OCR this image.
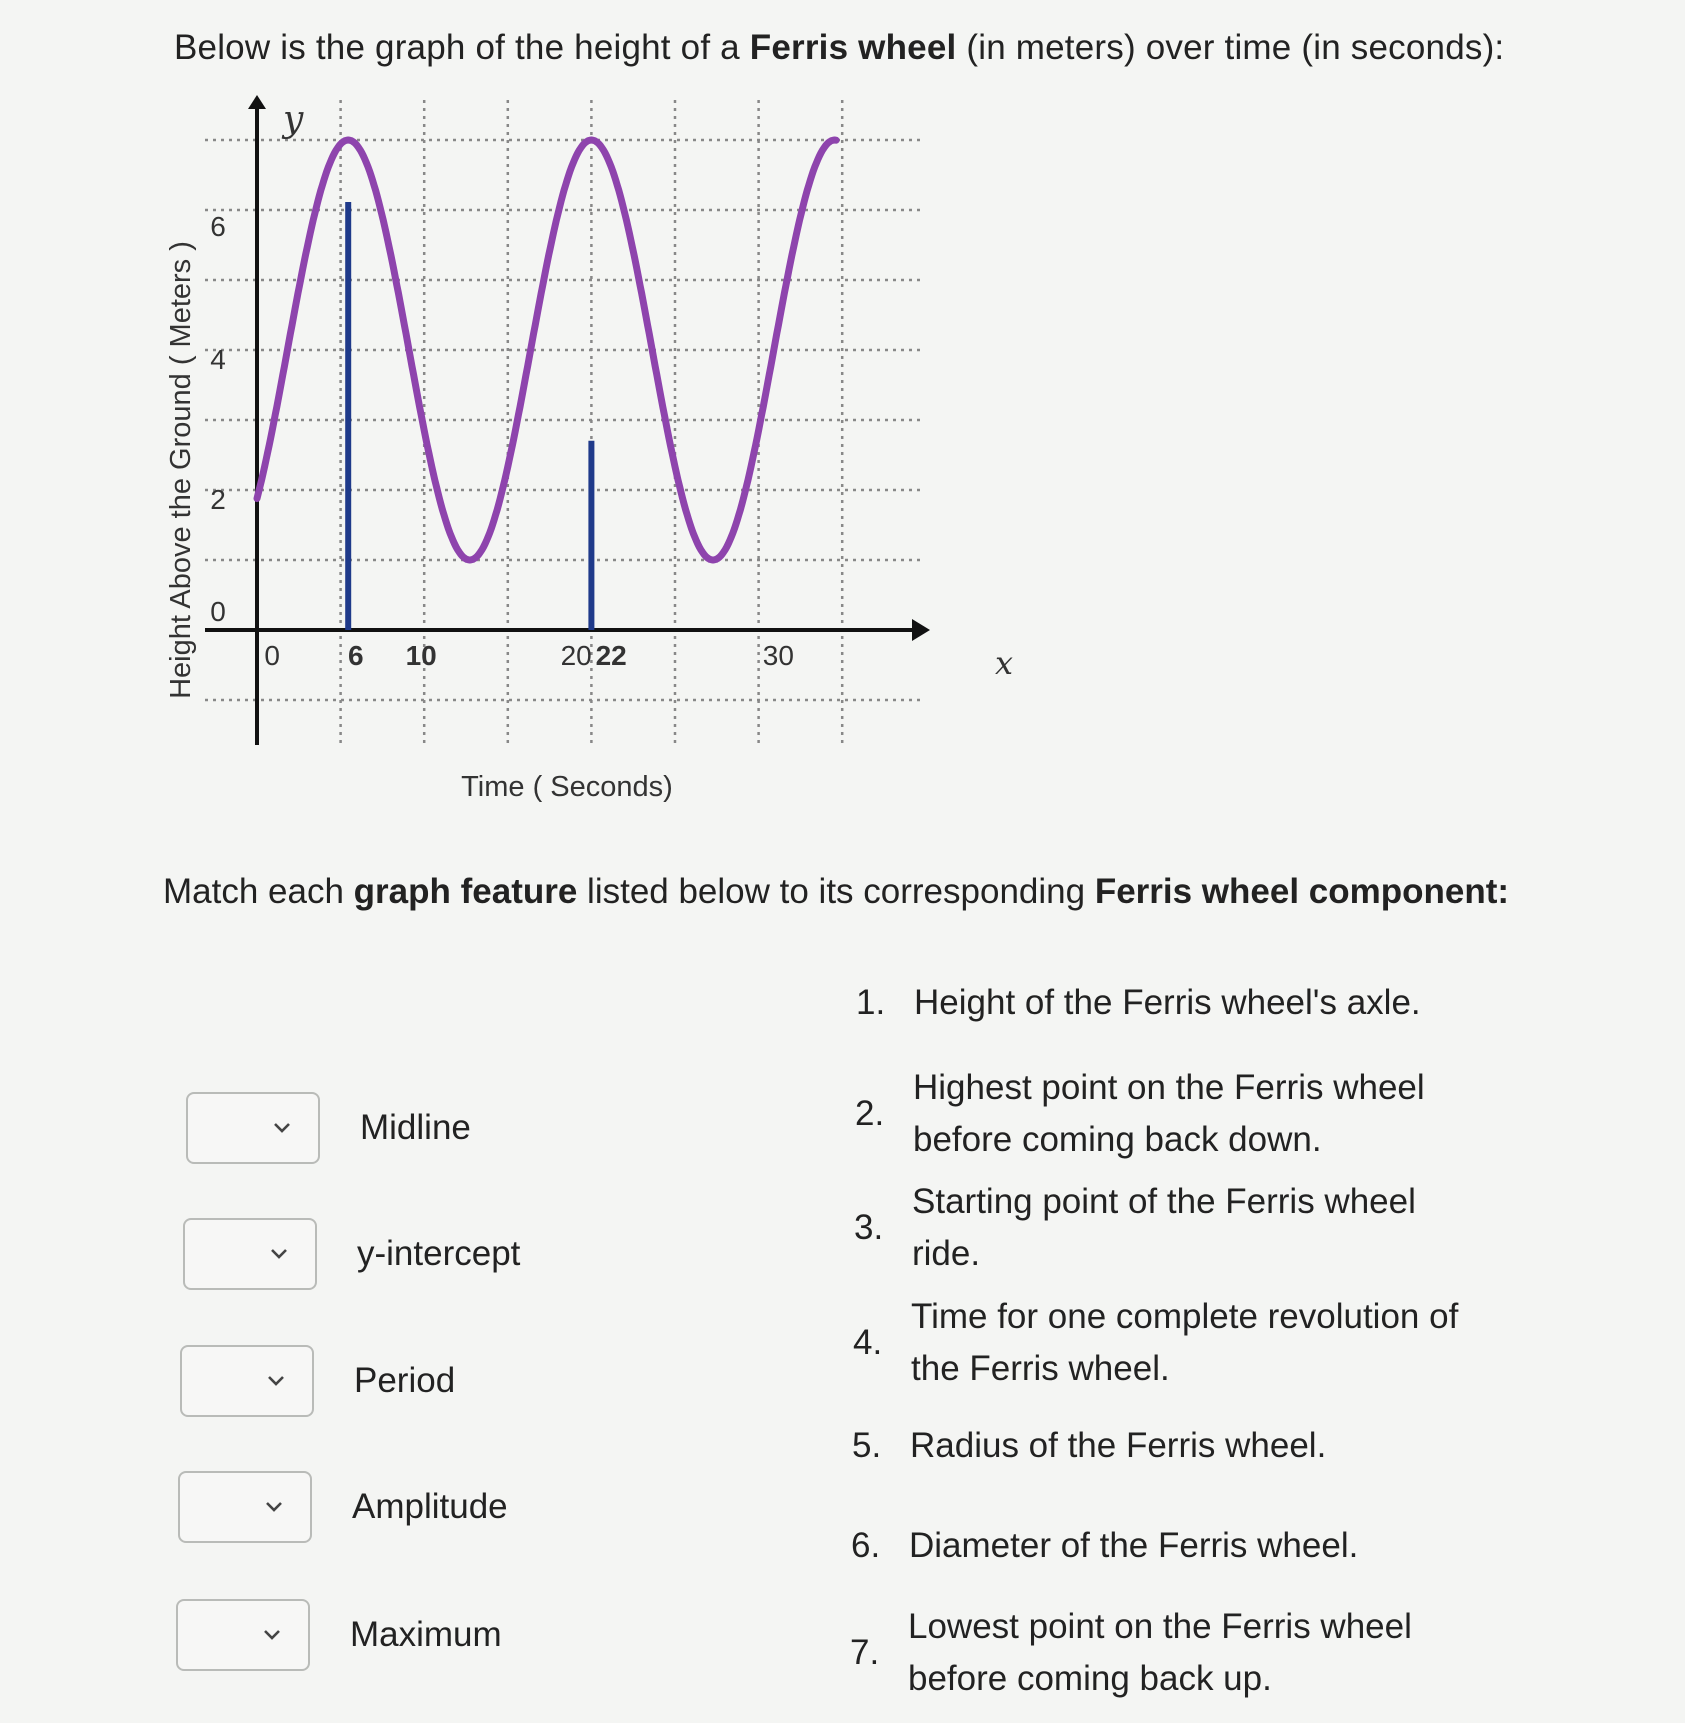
Below is the graph of the height of a Ferris wheel (in meters) over time (in seconds):
Height Above the Ground ( Meters )
Time ( Seconds)
y
x
0
2
4
6
0 6 10	20 22	30
Match each graph feature listed below to its corresponding Ferris wheel component:
Midline
y-intercept
Period
Amplitude
Maximum
1. Height of the Ferris wheel's axle.
2.
Highest point on the Ferris wheel before coming back down.
3.
Starting point of the Ferris wheel ride.
4.
Time for one complete revolution of the Ferris wheel.
5. Radius of the Ferris wheel.
6. Diameter of the Ferris wheel.
7.
Lowest point on the Ferris wheel before coming back up.
